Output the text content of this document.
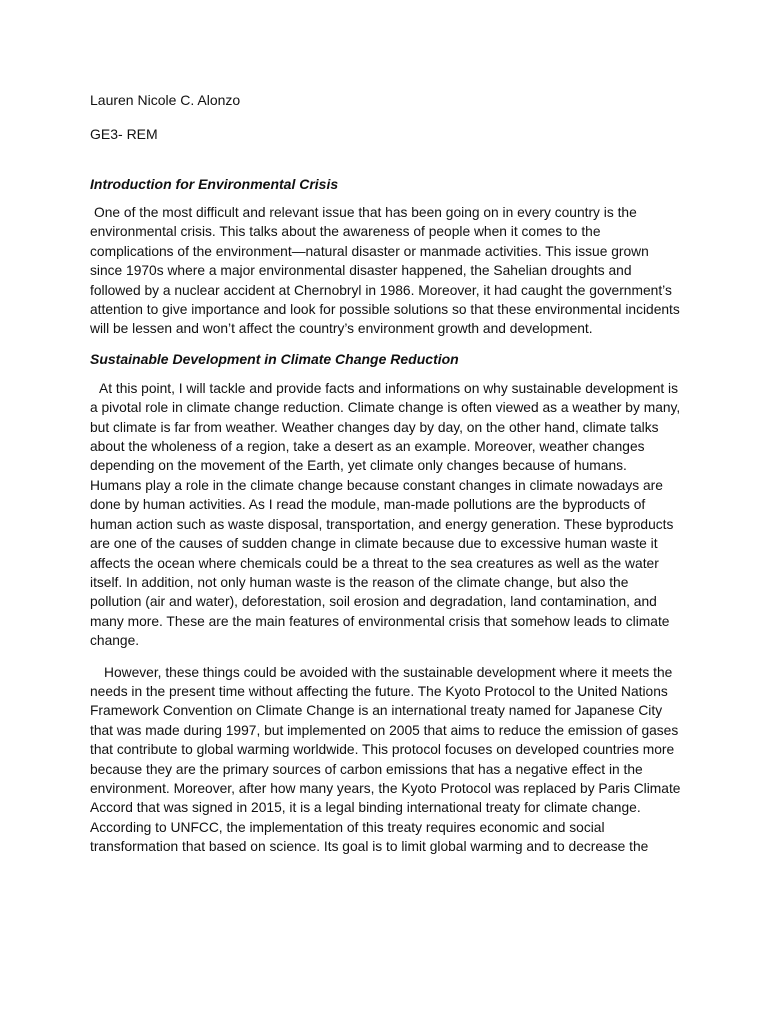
Lauren Nicole C. Alonzo

GE3- REM

Introduction for Environmental Crisis

One of the most difficult and relevant issue that has been going on in every country is the environmental crisis. This talks about the awareness of people when it comes to the complications of the environment—natural disaster or manmade activities. This issue grown since 1970s where a major environmental disaster happened, the Sahelian droughts and followed by a nuclear accident at Chernobryl in 1986. Moreover, it had caught the government’s attention to give importance and look for possible solutions so that these environmental incidents will be lessen and won’t affect the country’s environment growth and development.

Sustainable Development in Climate Change Reduction

At this point, I will tackle and provide facts and informations on why sustainable development is a pivotal role in climate change reduction. Climate change is often viewed as a weather by many, but climate is far from weather. Weather changes day by day, on the other hand, climate talks about the wholeness of a region, take a desert as an example. Moreover, weather changes depending on the movement of the Earth, yet climate only changes because of humans. Humans play a role in the climate change because constant changes in climate nowadays are done by human activities. As I read the module, man-made pollutions are the byproducts of human action such as waste disposal, transportation, and energy generation. These byproducts are one of the causes of sudden change in climate because due to excessive human waste it affects the ocean where chemicals could be a threat to the sea creatures as well as the water itself. In addition, not only human waste is the reason of the climate change, but also the pollution (air and water), deforestation, soil erosion and degradation, land contamination, and many more. These are the main features of environmental crisis that somehow leads to climate change.

However, these things could be avoided with the sustainable development where it meets the needs in the present time without affecting the future. The Kyoto Protocol to the United Nations Framework Convention on Climate Change is an international treaty named for Japanese City that was made during 1997, but implemented on 2005 that aims to reduce the emission of gases that contribute to global warming worldwide. This protocol focuses on developed countries more because they are the primary sources of carbon emissions that has a negative effect in the environment. Moreover, after how many years, the Kyoto Protocol was replaced by Paris Climate Accord that was signed in 2015, it is a legal binding international treaty for climate change. According to UNFCC, the implementation of this treaty requires economic and social transformation that based on science. Its goal is to limit global warming and to decrease the
